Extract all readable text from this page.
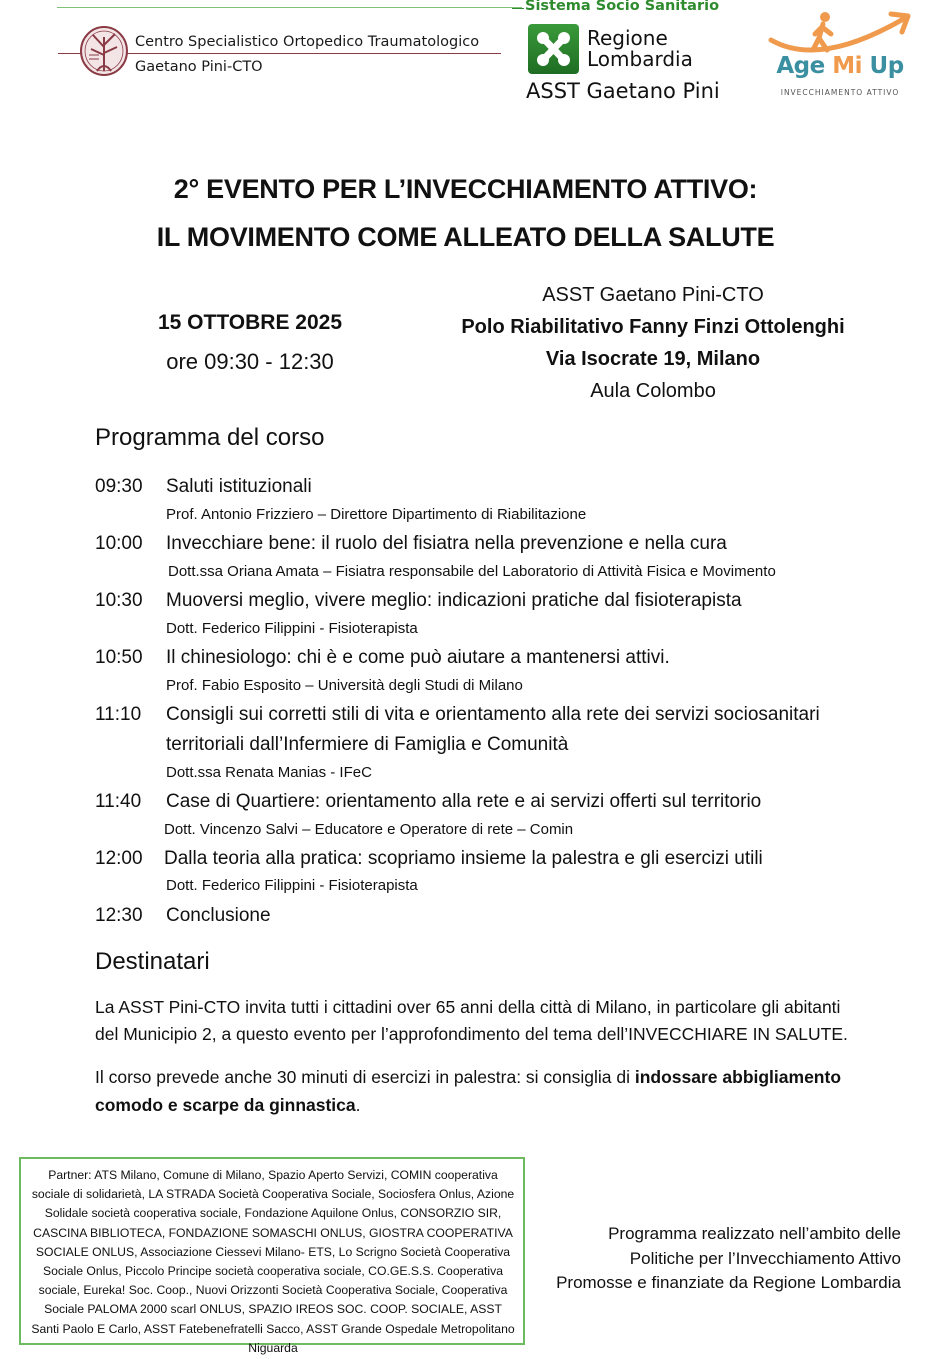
Centro Specialistico Ortopedico Traumatologico
Gaetano Pini-CTO
Sistema Socio Sanitario
Regione
Lombardia
ASST Gaetano Pini
Age Mi Up
INVECCHIAMENTO ATTIVO
2° EVENTO PER L’INVECCHIAMENTO ATTIVO:
IL MOVIMENTO COME ALLEATO DELLA SALUTE
15 OTTOBRE 2025
ore 09:30 - 12:30
ASST Gaetano Pini-CTO
Polo Riabilitativo Fanny Finzi Ottolenghi
Via Isocrate 19, Milano
Aula Colombo
Programma del corso
09:30 Saluti istituzionali
Prof. Antonio Frizziero – Direttore Dipartimento di Riabilitazione
10:00 Invecchiare bene: il ruolo del fisiatra nella prevenzione e nella cura
Dott.ssa Oriana Amata – Fisiatra responsabile del Laboratorio di Attività Fisica e Movimento
10:30 Muoversi meglio, vivere meglio: indicazioni pratiche dal fisioterapista
Dott. Federico Filippini - Fisioterapista
10:50 Il chinesiologo: chi è e come può aiutare a mantenersi attivi.
Prof. Fabio Esposito – Università degli Studi di Milano
11:10 Consigli sui corretti stili di vita e orientamento alla rete dei servizi sociosanitari
territoriali dall’Infermiere di Famiglia e Comunità
Dott.ssa Renata Manias - IFeC
11:40 Case di Quartiere: orientamento alla rete e ai servizi offerti sul territorio
Dott. Vincenzo Salvi – Educatore e Operatore di rete – Comin
12:00 Dalla teoria alla pratica: scopriamo insieme la palestra e gli esercizi utili
Dott. Federico Filippini - Fisioterapista
12:30 Conclusione
Destinatari
La ASST Pini-CTO invita tutti i cittadini over 65 anni della città di Milano, in particolare gli abitanti
del Municipio 2, a questo evento per l’approfondimento del tema dell’INVECCHIARE IN SALUTE.
Il corso prevede anche 30 minuti di esercizi in palestra: si consiglia di indossare abbigliamento
comodo e scarpe da ginnastica.
Partner: ATS Milano, Comune di Milano, Spazio Aperto Servizi, COMIN cooperativa sociale di solidarietà, LA STRADA Società Cooperativa Sociale, Sociosfera Onlus, Azione Solidale società cooperativa sociale, Fondazione Aquilone Onlus, CONSORZIO SIR, CASCINA BIBLIOTECA, FONDAZIONE SOMASCHI ONLUS, GIOSTRA COOPERATIVA SOCIALE ONLUS, Associazione Ciessevi Milano- ETS, Lo Scrigno Società Cooperativa Sociale Onlus, Piccolo Principe società cooperativa sociale, CO.GE.S.S. Cooperativa sociale, Eureka! Soc. Coop., Nuovi Orizzonti Società Cooperativa Sociale, Cooperativa Sociale PALOMA 2000 scarl ONLUS, SPAZIO IREOS SOC. COOP. SOCIALE, ASST Santi Paolo E Carlo, ASST Fatebenefratelli Sacco, ASST Grande Ospedale Metropolitano Niguarda
Programma realizzato nell’ambito delle
Politiche per l’Invecchiamento Attivo
Promosse e finanziate da Regione Lombardia
